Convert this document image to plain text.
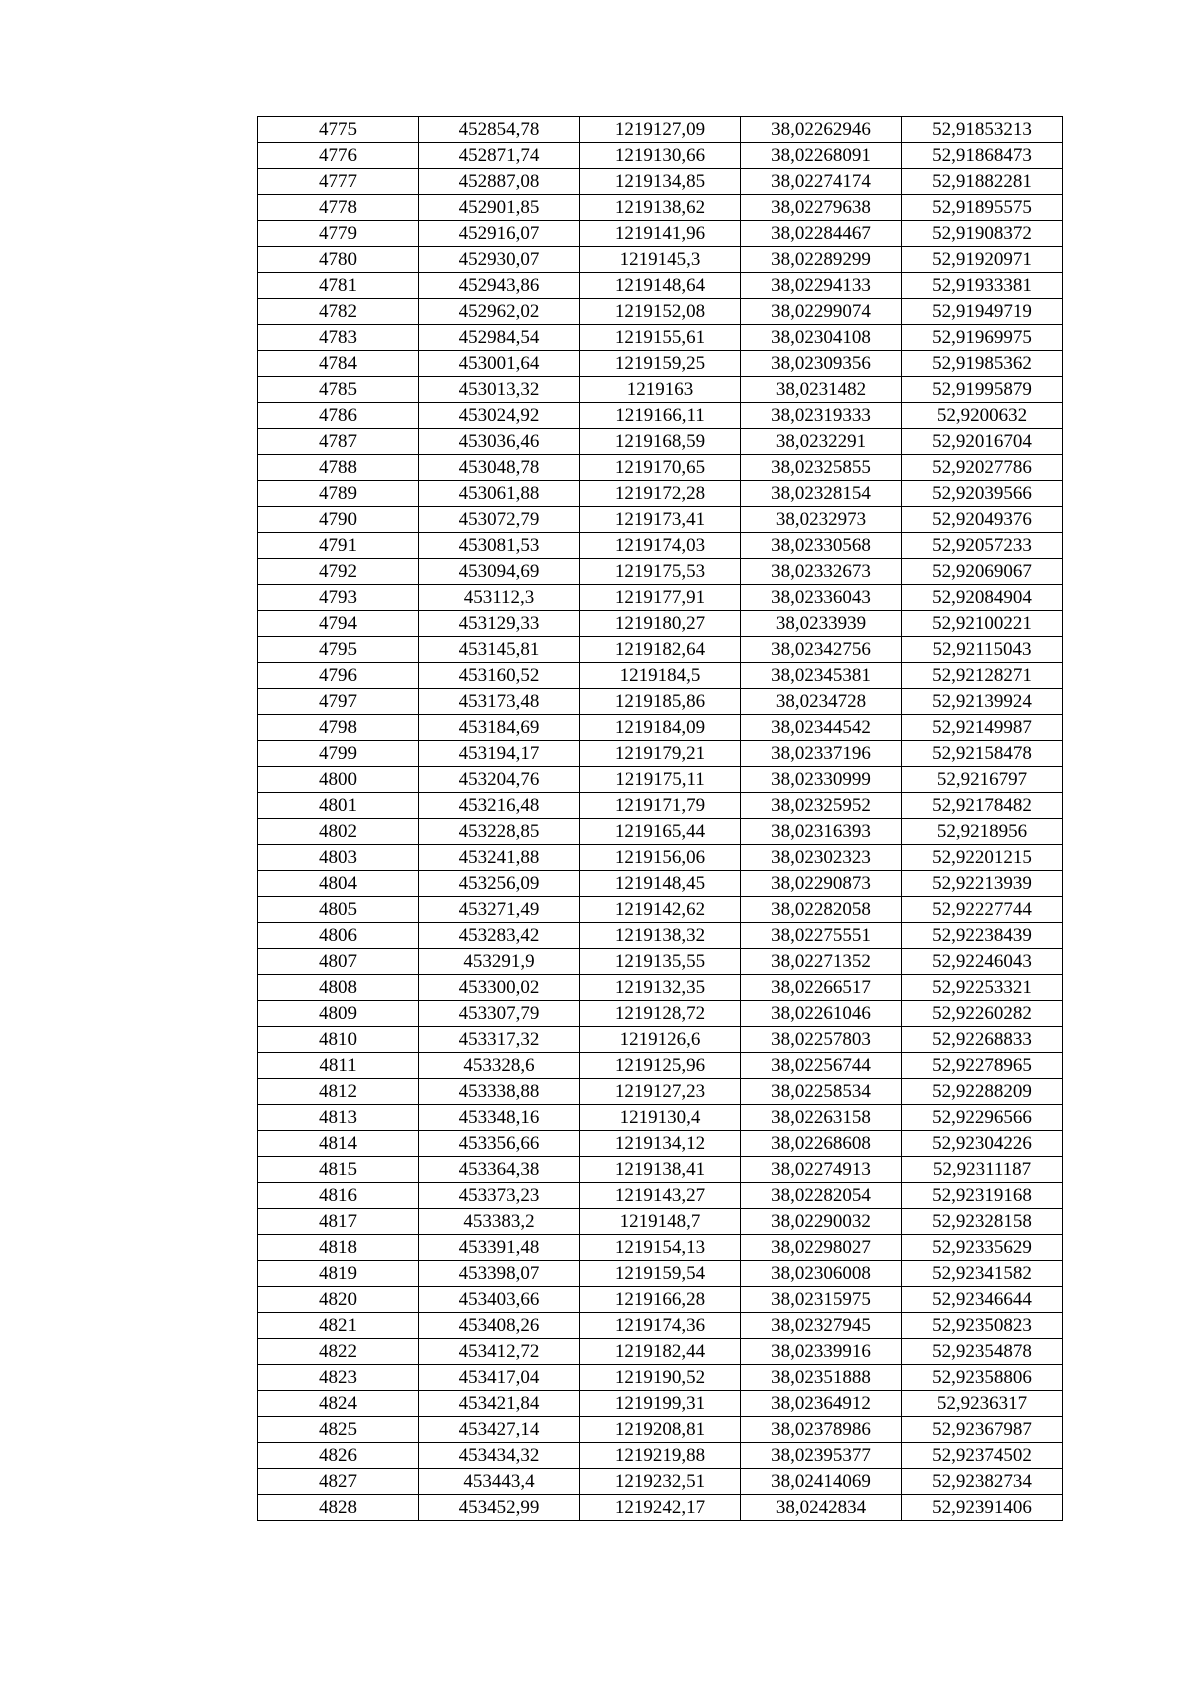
4775	452854,78	1219127,09	38,02262946	52,91853213
4776	452871,74	1219130,66	38,02268091	52,91868473
4777	452887,08	1219134,85	38,02274174	52,91882281
4778	452901,85	1219138,62	38,02279638	52,91895575
4779	452916,07	1219141,96	38,02284467	52,91908372
4780	452930,07	1219145,3	38,02289299	52,91920971
4781	452943,86	1219148,64	38,02294133	52,91933381
4782	452962,02	1219152,08	38,02299074	52,91949719
4783	452984,54	1219155,61	38,02304108	52,91969975
4784	453001,64	1219159,25	38,02309356	52,91985362
4785	453013,32	1219163	38,0231482	52,91995879
4786	453024,92	1219166,11	38,02319333	52,9200632
4787	453036,46	1219168,59	38,0232291	52,92016704
4788	453048,78	1219170,65	38,02325855	52,92027786
4789	453061,88	1219172,28	38,02328154	52,92039566
4790	453072,79	1219173,41	38,0232973	52,92049376
4791	453081,53	1219174,03	38,02330568	52,92057233
4792	453094,69	1219175,53	38,02332673	52,92069067
4793	453112,3	1219177,91	38,02336043	52,92084904
4794	453129,33	1219180,27	38,0233939	52,92100221
4795	453145,81	1219182,64	38,02342756	52,92115043
4796	453160,52	1219184,5	38,02345381	52,92128271
4797	453173,48	1219185,86	38,0234728	52,92139924
4798	453184,69	1219184,09	38,02344542	52,92149987
4799	453194,17	1219179,21	38,02337196	52,92158478
4800	453204,76	1219175,11	38,02330999	52,9216797
4801	453216,48	1219171,79	38,02325952	52,92178482
4802	453228,85	1219165,44	38,02316393	52,9218956
4803	453241,88	1219156,06	38,02302323	52,92201215
4804	453256,09	1219148,45	38,02290873	52,92213939
4805	453271,49	1219142,62	38,02282058	52,92227744
4806	453283,42	1219138,32	38,02275551	52,92238439
4807	453291,9	1219135,55	38,02271352	52,92246043
4808	453300,02	1219132,35	38,02266517	52,92253321
4809	453307,79	1219128,72	38,02261046	52,92260282
4810	453317,32	1219126,6	38,02257803	52,92268833
4811	453328,6	1219125,96	38,02256744	52,92278965
4812	453338,88	1219127,23	38,02258534	52,92288209
4813	453348,16	1219130,4	38,02263158	52,92296566
4814	453356,66	1219134,12	38,02268608	52,92304226
4815	453364,38	1219138,41	38,02274913	52,92311187
4816	453373,23	1219143,27	38,02282054	52,92319168
4817	453383,2	1219148,7	38,02290032	52,92328158
4818	453391,48	1219154,13	38,02298027	52,92335629
4819	453398,07	1219159,54	38,02306008	52,92341582
4820	453403,66	1219166,28	38,02315975	52,92346644
4821	453408,26	1219174,36	38,02327945	52,92350823
4822	453412,72	1219182,44	38,02339916	52,92354878
4823	453417,04	1219190,52	38,02351888	52,92358806
4824	453421,84	1219199,31	38,02364912	52,9236317
4825	453427,14	1219208,81	38,02378986	52,92367987
4826	453434,32	1219219,88	38,02395377	52,92374502
4827	453443,4	1219232,51	38,02414069	52,92382734
4828	453452,99	1219242,17	38,0242834	52,92391406
